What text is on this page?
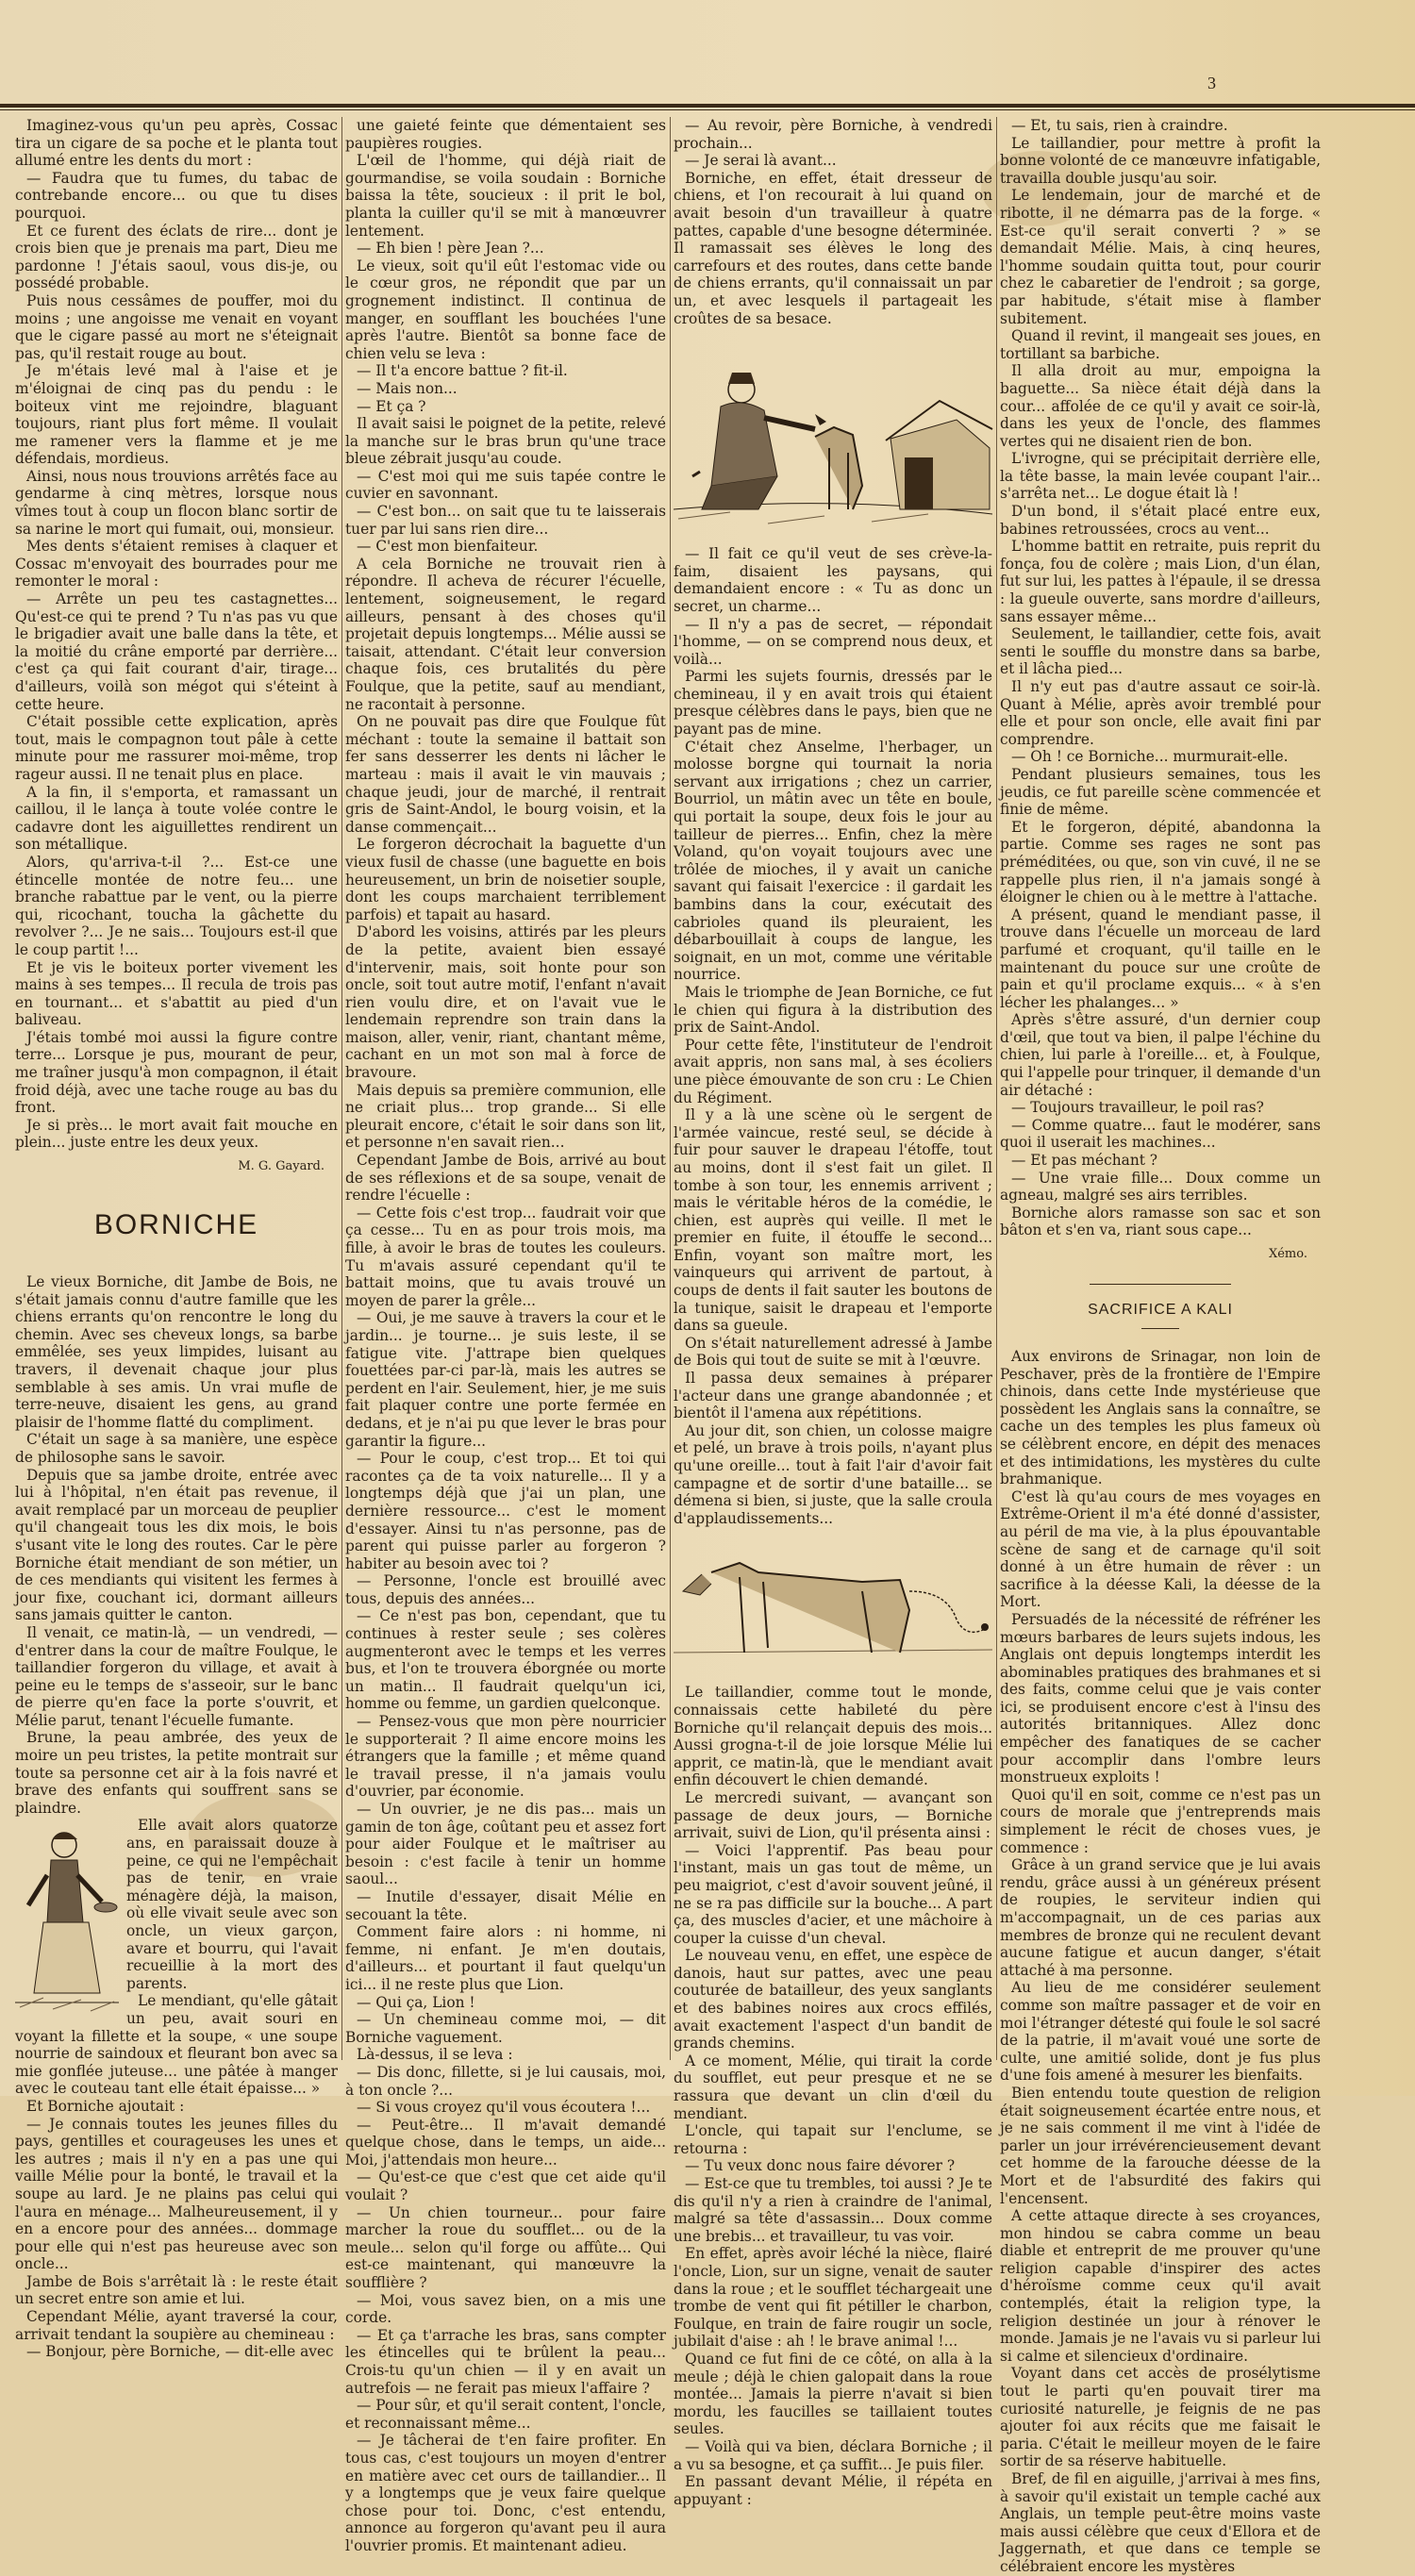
3

Imaginez-vous qu'un peu après, Cossac tira un cigare de sa poche et le planta tout allumé entre les dents du mort :

— Faudra que tu fumes, du tabac de contrebande encore... ou que tu dises pourquoi.

Et ce furent des éclats de rire... dont je crois bien que je prenais ma part, Dieu me pardonne ! J'étais saoul, vous dis-je, ou possédé probable.

Puis nous cessâmes de pouffer, moi du moins ; une angoisse me venait en voyant que le cigare passé au mort ne s'éteignait pas, qu'il restait rouge au bout.

Je m'étais levé mal à l'aise et je m'éloignai de cinq pas du pendu : le boiteux vint me rejoindre, blaguant toujours, riant plus fort même. Il voulait me ramener vers la flamme et je me défendais, mordieus.

Ainsi, nous nous trouvions arrêtés face au gendarme à cinq mètres, lorsque nous vîmes tout à coup un flocon blanc sortir de sa narine le mort qui fumait, oui, monsieur.

Mes dents s'étaient remises à claquer et Cossac m'envoyait des bourrades pour me remonter le moral :

— Arrête un peu tes castagnettes... Qu'est-ce qui te prend ? Tu n'as pas vu que le brigadier avait une balle dans la tête, et la moitié du crâne emporté par derrière... c'est ça qui fait courant d'air, tirage... d'ailleurs, voilà son mégot qui s'éteint à cette heure.

C'était possible cette explication, après tout, mais le compagnon tout pâle à cette minute pour me rassurer moi-même, trop rageur aussi. Il ne tenait plus en place.

A la fin, il s'emporta, et ramassant un caillou, il le lança à toute volée contre le cadavre dont les aiguillettes rendirent un son métallique.

Alors, qu'arriva-t-il ?... Est-ce une étincelle montée de notre feu... une branche rabattue par le vent, ou la pierre qui, ricochant, toucha la gâchette du revolver ?... Je ne sais... Toujours est-il que le coup partit !...

Et je vis le boiteux porter vivement les mains à ses tempes... Il recula de trois pas en tournant... et s'abattit au pied d'un baliveau.

J'étais tombé moi aussi la figure contre terre... Lorsque je pus, mourant de peur, me traîner jusqu'à mon compagnon, il était froid déjà, avec une tache rouge au bas du front.

Je si près... le mort avait fait mouche en plein... juste entre les deux yeux.

M. G. Gayard.

BORNICHE

Le vieux Borniche, dit Jambe de Bois, ne s'était jamais connu d'autre famille que les chiens errants qu'on rencontre le long du chemin. Avec ses cheveux longs, sa barbe emmêlée, ses yeux limpides, luisant au travers, il devenait chaque jour plus semblable à ses amis. Un vrai mufle de terre-neuve, disaient les gens, au grand plaisir de l'homme flatté du compliment.

C'était un sage à sa manière, une espèce de philosophe sans le savoir.

Depuis que sa jambe droite, entrée avec lui à l'hôpital, n'en était pas revenue, il avait remplacé par un morceau de peuplier qu'il changeait tous les dix mois, le bois s'usant vite le long des routes. Car le père Borniche était mendiant de son métier, un de ces mendiants qui visitent les fermes à jour fixe, couchant ici, dormant ailleurs sans jamais quitter le canton.

Il venait, ce matin-là, — un vendredi, — d'entrer dans la cour de maître Foulque, le taillandier forgeron du village, et avait à peine eu le temps de s'asseoir, sur le banc de pierre qu'en face la porte s'ouvrit, et Mélie parut, tenant l'écuelle fumante.

Brune, la peau ambrée, des yeux de moire un peu tristes, la petite montrait sur toute sa personne cet air à la fois navré et brave des enfants qui souffrent sans se plaindre.

Elle avait alors quatorze ans, en paraissait douze à peine, ce qui ne l'empêchait pas de tenir, en vraie ménagère déjà, la maison, où elle vivait seule avec son oncle, un vieux garçon, avare et bourru, qui l'avait recueillie à la mort des parents.

Le mendiant, qu'elle gâtait un peu, avait souri en voyant la fillette et la soupe, « une soupe nourrie de saindoux et fleurant bon avec sa mie gonflée juteuse... une pâtée à manger avec le couteau tant elle était épaisse... »

Et Borniche ajoutait :

— Je connais toutes les jeunes filles du pays, gentilles et courageuses les unes et les autres ; mais il n'y en a pas une qui vaille Mélie pour la bonté, le travail et la soupe au lard. Je ne plains pas celui qui l'aura en ménage... Malheureusement, il y en a encore pour des années... dommage pour elle qui n'est pas heureuse avec son oncle...

Jambe de Bois s'arrêtait là : le reste était un secret entre son amie et lui.

Cependant Mélie, ayant traversé la cour, arrivait tendant la soupière au chemineau :

— Bonjour, père Borniche, — dit-elle avec

une gaieté feinte que démentaient ses paupières rougies.

L'œil de l'homme, qui déjà riait de gourmandise, se voila soudain : Borniche baissa la tête, soucieux : il prit le bol, planta la cuiller qu'il se mit à manœuvrer lentement.

— Eh bien ! père Jean ?...

Le vieux, soit qu'il eût l'estomac vide ou le cœur gros, ne répondit que par un grognement indistinct. Il continua de manger, en soufflant les bouchées l'une après l'autre. Bientôt sa bonne face de chien velu se leva :

— Il t'a encore battue ? fit-il.

— Mais non...

— Et ça ?

Il avait saisi le poignet de la petite, relevé la manche sur le bras brun qu'une trace bleue zébrait jusqu'au coude.

— C'est moi qui me suis tapée contre le cuvier en savonnant.

— C'est bon... on sait que tu te laisserais tuer par lui sans rien dire...

— C'est mon bienfaiteur.

A cela Borniche ne trouvait rien à répondre. Il acheva de récurer l'écuelle, lentement, soigneusement, le regard ailleurs, pensant à des choses qu'il projetait depuis longtemps... Mélie aussi se taisait, attendant. C'était leur conversion chaque fois, ces brutalités du père Foulque, que la petite, sauf au mendiant, ne racontait à personne.

On ne pouvait pas dire que Foulque fût méchant : toute la semaine il battait son fer sans desserrer les dents ni lâcher le marteau : mais il avait le vin mauvais ; chaque jeudi, jour de marché, il rentrait gris de Saint-Andol, le bourg voisin, et la danse commençait...

Le forgeron décrochait la baguette d'un vieux fusil de chasse (une baguette en bois heureusement, un brin de noisetier souple, dont les coups marchaient terriblement parfois) et tapait au hasard.

D'abord les voisins, attirés par les pleurs de la petite, avaient bien essayé d'intervenir, mais, soit honte pour son oncle, soit tout autre motif, l'enfant n'avait rien voulu dire, et on l'avait vue le lendemain reprendre son train dans la maison, aller, venir, riant, chantant même, cachant en un mot son mal à force de bravoure.

Mais depuis sa première communion, elle ne criait plus... trop grande... Si elle pleurait encore, c'était le soir dans son lit, et personne n'en savait rien...

Cependant Jambe de Bois, arrivé au bout de ses réflexions et de sa soupe, venait de rendre l'écuelle :

— Cette fois c'est trop... faudrait voir que ça cesse... Tu en as pour trois mois, ma fille, à avoir le bras de toutes les couleurs. Tu m'avais assuré cependant qu'il te battait moins, que tu avais trouvé un moyen de parer la grêle...

— Oui, je me sauve à travers la cour et le jardin... je tourne... je suis leste, il se fatigue vite. J'attrape bien quelques fouettées par-ci par-là, mais les autres se perdent en l'air. Seulement, hier, je me suis fait plaquer contre une porte fermée en dedans, et je n'ai pu que lever le bras pour garantir la figure...

— Pour le coup, c'est trop... Et toi qui racontes ça de ta voix naturelle... Il y a longtemps déjà que j'ai un plan, une dernière ressource... c'est le moment d'essayer. Ainsi tu n'as personne, pas de parent qui puisse parler au forgeron ? habiter au besoin avec toi ?

— Personne, l'oncle est brouillé avec tous, depuis des années...

— Ce n'est pas bon, cependant, que tu continues à rester seule ; ses colères augmenteront avec le temps et les verres bus, et l'on te trouvera éborgnée ou morte un matin... Il faudrait quelqu'un ici, homme ou femme, un gardien quelconque.

— Pensez-vous que mon père nourricier le supporterait ? Il aime encore moins les étrangers que la famille ; et même quand le travail presse, il n'a jamais voulu d'ouvrier, par économie.

— Un ouvrier, je ne dis pas... mais un gamin de ton âge, coûtant peu et assez fort pour aider Foulque et le maîtriser au besoin : c'est facile à tenir un homme saoul...

— Inutile d'essayer, disait Mélie en secouant la tête.

Comment faire alors : ni homme, ni femme, ni enfant. Je m'en doutais, d'ailleurs... et pourtant il faut quelqu'un ici... il ne reste plus que Lion.

— Qui ça, Lion !

— Un chemineau comme moi, — dit Borniche vaguement.

Là-dessus, il se leva :

— Dis donc, fillette, si je lui causais, moi, à ton oncle ?...

— Si vous croyez qu'il vous écoutera !...

— Peut-être... Il m'avait demandé quelque chose, dans le temps, un aide... Moi, j'attendais mon heure...

— Qu'est-ce que c'est que cet aide qu'il voulait ?

— Un chien tourneur... pour faire marcher la roue du soufflet... ou de la meule... selon qu'il forge ou affûte... Qui est-ce maintenant, qui manœuvre la soufflière ?

— Moi, vous savez bien, on a mis une corde.

— Et ça t'arrache les bras, sans compter les étincelles qui te brûlent la peau... Crois-tu qu'un chien — il y en avait un autrefois — ne ferait pas mieux l'affaire ?

— Pour sûr, et qu'il serait content, l'oncle, et reconnaissant même...

— Je tâcherai de t'en faire profiter. En tous cas, c'est toujours un moyen d'entrer en matière avec cet ours de taillandier... Il y a longtemps que je veux faire quelque chose pour toi. Donc, c'est entendu, annonce au forgeron qu'avant peu il aura l'ouvrier promis. Et maintenant adieu.

— Au revoir, père Borniche, à vendredi prochain...

— Je serai là avant...

Borniche, en effet, était dresseur de chiens, et l'on recourait à lui quand on avait besoin d'un travailleur à quatre pattes, capable d'une besogne déterminée. Il ramassait ses élèves le long des carrefours et des routes, dans cette bande de chiens errants, qu'il connaissait un par un, et avec lesquels il partageait les croûtes de sa besace.

— Il fait ce qu'il veut de ses crève-la-faim, disaient les paysans, qui demandaient encore : « Tu as donc un secret, un charme...

— Il n'y a pas de secret, — répondait l'homme, — on se comprend nous deux, et voilà...

Parmi les sujets fournis, dressés par le chemineau, il y en avait trois qui étaient presque célèbres dans le pays, bien que ne payant pas de mine.

C'était chez Anselme, l'herbager, un molosse borgne qui tournait la noria servant aux irrigations ; chez un carrier, Bourriol, un mâtin avec un tête en boule, qui portait la soupe, deux fois le jour au tailleur de pierres... Enfin, chez la mère Voland, qu'on voyait toujours avec une trôlée de mioches, il y avait un caniche savant qui faisait l'exercice : il gardait les bambins dans la cour, exécutait des cabrioles quand ils pleuraient, les débarbouillait à coups de langue, les soignait, en un mot, comme une véritable nourrice.

Mais le triomphe de Jean Borniche, ce fut le chien qui figura à la distribution des prix de Saint-Andol.

Pour cette fête, l'instituteur de l'endroit avait appris, non sans mal, à ses écoliers une pièce émouvante de son cru : Le Chien du Régiment.

Il y a là une scène où le sergent de l'armée vaincue, resté seul, se décide à fuir pour sauver le drapeau l'étoffe, tout au moins, dont il s'est fait un gilet. Il tombe à son tour, les ennemis arrivent ; mais le véritable héros de la comédie, le chien, est auprès qui veille. Il met le premier en fuite, il étouffe le second... Enfin, voyant son maître mort, les vainqueurs qui arrivent de partout, à coups de dents il fait sauter les boutons de la tunique, saisit le drapeau et l'emporte dans sa gueule.

On s'était naturellement adressé à Jambe de Bois qui tout de suite se mit à l'œuvre.

Il passa deux semaines à préparer l'acteur dans une grange abandonnée ; et bientôt il l'amena aux répétitions.

Au jour dit, son chien, un colosse maigre et pelé, un brave à trois poils, n'ayant plus qu'une oreille... tout à fait l'air d'avoir fait campagne et de sortir d'une bataille... se démena si bien, si juste, que la salle croula d'applaudissements...

Le taillandier, comme tout le monde, connaissais cette habileté du père Borniche qu'il relançait depuis des mois... Aussi grogna-t-il de joie lorsque Mélie lui apprit, ce matin-là, que le mendiant avait enfin découvert le chien demandé.

Le mercredi suivant, — avançant son passage de deux jours, — Borniche arrivait, suivi de Lion, qu'il présenta ainsi :

— Voici l'apprentif. Pas beau pour l'instant, mais un gas tout de même, un peu maigriot, c'est d'avoir souvent jeûné, il ne se ra pas difficile sur la bouche... A part ça, des muscles d'acier, et une mâchoire à couper la cuisse d'un cheval.

Le nouveau venu, en effet, une espèce de danois, haut sur pattes, avec une peau couturée de batailleur, des yeux sanglants et des babines noires aux crocs effilés, avait exactement l'aspect d'un bandit de grands chemins.

A ce moment, Mélie, qui tirait la corde du soufflet, eut peur presque et ne se rassura que devant un clin d'œil du mendiant.

L'oncle, qui tapait sur l'enclume, se retourna :

— Tu veux donc nous faire dévorer ?

— Est-ce que tu trembles, toi aussi ? Je te dis qu'il n'y a rien à craindre de l'animal, malgré sa tête d'assassin... Doux comme une brebis... et travailleur, tu vas voir.

En effet, après avoir léché la nièce, flairé l'oncle, Lion, sur un signe, venait de sauter dans la roue ; et le soufflet téchargeait une trombe de vent qui fit pétiller le charbon, Foulque, en train de faire rougir un socle, jubilait d'aise : ah ! le brave animal !...

Quand ce fut fini de ce côté, on alla à la meule ; déjà le chien galopait dans la roue montée... Jamais la pierre n'avait si bien mordu, les faucilles se taillaient toutes seules.

— Voilà qui va bien, déclara Borniche ; il a vu sa besogne, et ça suffit... Je puis filer.

En passant devant Mélie, il répéta en appuyant :

— Et, tu sais, rien à craindre.

Le taillandier, pour mettre à profit la bonne volonté de ce manœuvre infatigable, travailla double jusqu'au soir.

Le lendemain, jour de marché et de ribotte, il ne démarra pas de la forge. « Est-ce qu'il serait converti ? » se demandait Mélie. Mais, à cinq heures, l'homme soudain quitta tout, pour courir chez le cabaretier de l'endroit ; sa gorge, par habitude, s'était mise à flamber subitement.

Quand il revint, il mangeait ses joues, en tortillant sa barbiche.

Il alla droit au mur, empoigna la baguette... Sa nièce était déjà dans la cour... affolée de ce qu'il y avait ce soir-là, dans les yeux de l'oncle, des flammes vertes qui ne disaient rien de bon.

L'ivrogne, qui se précipitait derrière elle, la tête basse, la main levée coupant l'air... s'arrêta net... Le dogue était là !

D'un bond, il s'était placé entre eux, babines retroussées, crocs au vent...

L'homme battit en retraite, puis reprit du fonça, fou de colère ; mais Lion, d'un élan, fut sur lui, les pattes à l'épaule, il se dressa : la gueule ouverte, sans mordre d'ailleurs, sans essayer même...

Seulement, le taillandier, cette fois, avait senti le souffle du monstre dans sa barbe, et il lâcha pied...

Il n'y eut pas d'autre assaut ce soir-là. Quant à Mélie, après avoir tremblé pour elle et pour son oncle, elle avait fini par comprendre.

— Oh ! ce Borniche... murmurait-elle.

Pendant plusieurs semaines, tous les jeudis, ce fut pareille scène commencée et finie de même.

Et le forgeron, dépité, abandonna la partie. Comme ses rages ne sont pas préméditées, ou que, son vin cuvé, il ne se rappelle plus rien, il n'a jamais songé à éloigner le chien ou à le mettre à l'attache.

A présent, quand le mendiant passe, il trouve dans l'écuelle un morceau de lard parfumé et croquant, qu'il taille en le maintenant du pouce sur une croûte de pain et qu'il proclame exquis... « à s'en lécher les phalanges... »

Après s'être assuré, d'un dernier coup d'œil, que tout va bien, il palpe l'échine du chien, lui parle à l'oreille... et, à Foulque, qui l'appelle pour trinquer, il demande d'un air détaché :

— Toujours travailleur, le poil ras?

— Comme quatre... faut le modérer, sans quoi il userait les machines...

— Et pas méchant ?

— Une vraie fille... Doux comme un agneau, malgré ses airs terribles.

Borniche alors ramasse son sac et son bâton et s'en va, riant sous cape...

Xémo.

SACRIFICE A KALI

Aux environs de Srinagar, non loin de Peschaver, près de la frontière de l'Empire chinois, dans cette Inde mystérieuse que possèdent les Anglais sans la connaître, se cache un des temples les plus fameux où se célèbrent encore, en dépit des menaces et des intimidations, les mystères du culte brahmanique.

C'est là qu'au cours de mes voyages en Extrême-Orient il m'a été donné d'assister, au péril de ma vie, à la plus épouvantable scène de sang et de carnage qu'il soit donné à un être humain de rêver : un sacrifice à la déesse Kali, la déesse de la Mort.

Persuadés de la nécessité de réfréner les mœurs barbares de leurs sujets indous, les Anglais ont depuis longtemps interdit les abominables pratiques des brahmanes et si des faits, comme celui que je vais conter ici, se produisent encore c'est à l'insu des autorités britanniques. Allez donc empêcher des fanatiques de se cacher pour accomplir dans l'ombre leurs monstrueux exploits !

Quoi qu'il en soit, comme ce n'est pas un cours de morale que j'entreprends mais simplement le récit de choses vues, je commence :

Grâce à un grand service que je lui avais rendu, grâce aussi à un généreux présent de roupies, le serviteur indien qui m'accompagnait, un de ces parias aux membres de bronze qui ne reculent devant aucune fatigue et aucun danger, s'était attaché à ma personne.

Au lieu de me considérer seulement comme son maître passager et de voir en moi l'étranger détesté qui foule le sol sacré de la patrie, il m'avait voué une sorte de culte, une amitié solide, dont je fus plus d'une fois amené à mesurer les bienfaits.

Bien entendu toute question de religion était soigneusement écartée entre nous, et je ne sais comment il me vint à l'idée de parler un jour irrévérencieusement devant cet homme de la farouche déesse de la Mort et de l'absurdité des fakirs qui l'encensent.

A cette attaque directe à ses croyances, mon hindou se cabra comme un beau diable et entreprit de me prouver qu'une religion capable d'inspirer des actes d'héroïsme comme ceux qu'il avait contemplés, était la religion type, la religion destinée un jour à rénover le monde. Jamais je ne l'avais vu si parleur lui si calme et silencieux d'ordinaire.

Voyant dans cet accès de prosélytisme tout le parti qu'en pouvait tirer ma curiosité naturelle, je feignis de ne pas ajouter foi aux récits que me faisait le paria. C'était le meilleur moyen de le faire sortir de sa réserve habituelle.

Bref, de fil en aiguille, j'arrivai à mes fins, à savoir qu'il existait un temple caché aux Anglais, un temple peut-être moins vaste mais aussi célèbre que ceux d'Ellora et de Jaggernath, et que dans ce temple se célébraient encore les mystères
